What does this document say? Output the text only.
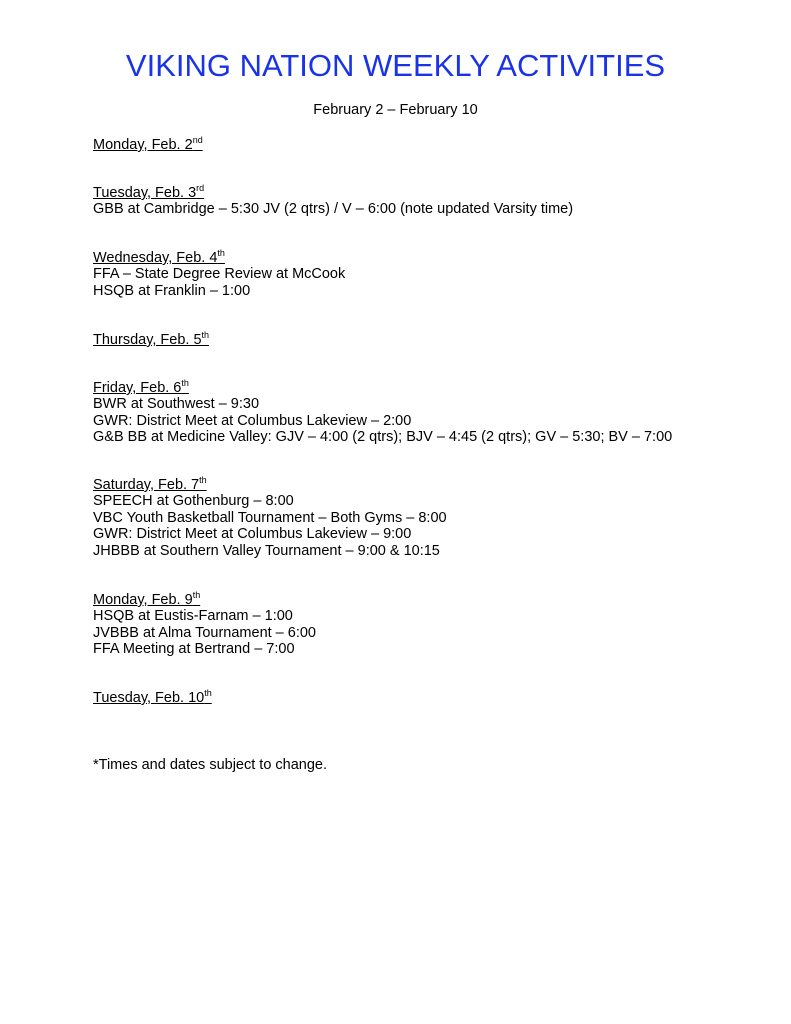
VIKING NATION WEEKLY ACTIVITIES
February 2 – February 10
Monday, Feb. 2nd
Tuesday, Feb. 3rd
GBB at Cambridge – 5:30 JV (2 qtrs) / V – 6:00 (note updated Varsity time)
Wednesday, Feb. 4th
FFA – State Degree Review at McCook
HSQB at Franklin – 1:00
Thursday, Feb. 5th
Friday, Feb. 6th
BWR at Southwest – 9:30
GWR: District Meet at Columbus Lakeview – 2:00
G&B BB at Medicine Valley: GJV – 4:00 (2 qtrs); BJV – 4:45 (2 qtrs); GV – 5:30; BV – 7:00
Saturday, Feb. 7th
SPEECH at Gothenburg – 8:00
VBC Youth Basketball Tournament – Both Gyms – 8:00
GWR: District Meet at Columbus Lakeview – 9:00
JHBBB at Southern Valley Tournament – 9:00 & 10:15
Monday, Feb. 9th
HSQB at Eustis-Farnam – 1:00
JVBBB at Alma Tournament – 6:00
FFA Meeting at Bertrand – 7:00
Tuesday, Feb. 10th
*Times and dates subject to change.
